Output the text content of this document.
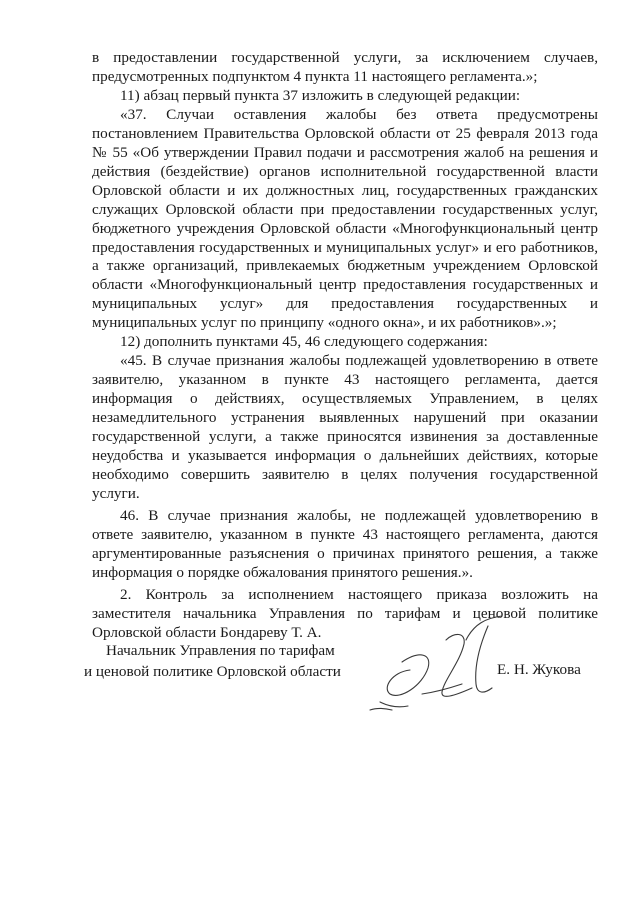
в предоставлении государственной услуги, за исключением случаев, предусмотренных подпунктом 4 пункта 11 настоящего регламента.»;

11) абзац первый пункта 37 изложить в следующей редакции:

«37. Случаи оставления жалобы без ответа предусмотрены постановлением Правительства Орловской области от 25 февраля 2013 года № 55 «Об утверждении Правил подачи и рассмотрения жалоб на решения и действия (бездействие) органов исполнительной государственной власти Орловской области и их должностных лиц, государственных гражданских служащих Орловской области при предоставлении государственных услуг, бюджетного учреждения Орловской области «Многофункциональный центр предоставления государственных и муниципальных услуг» и его работников, а также организаций, привлекаемых бюджетным учреждением Орловской области «Многофункциональный центр предоставления государственных и муниципальных услуг» для предоставления государственных и муниципальных услуг по принципу «одного окна», и их работников».»;

12) дополнить пунктами 45, 46 следующего содержания:

«45. В случае признания жалобы подлежащей удовлетворению в ответе заявителю, указанном в пункте 43 настоящего регламента, дается информация о действиях, осуществляемых Управлением, в целях незамедлительного устранения выявленных нарушений при оказании государственной услуги, а также приносятся извинения за доставленные неудобства и указывается информация о дальнейших действиях, которые необходимо совершить заявителю в целях получения государственной услуги.

46. В случае признания жалобы, не подлежащей удовлетворению в ответе заявителю, указанном в пункте 43 настоящего регламента, даются аргументированные разъяснения о причинах принятого решения, а также информация о порядке обжалования принятого решения.».

2. Контроль за исполнением настоящего приказа возложить на заместителя начальника Управления по тарифам и ценовой политике Орловской области Бондареву Т. А.

Начальник Управления по тарифам
и ценовой политике Орловской области	Е. Н. Жукова
